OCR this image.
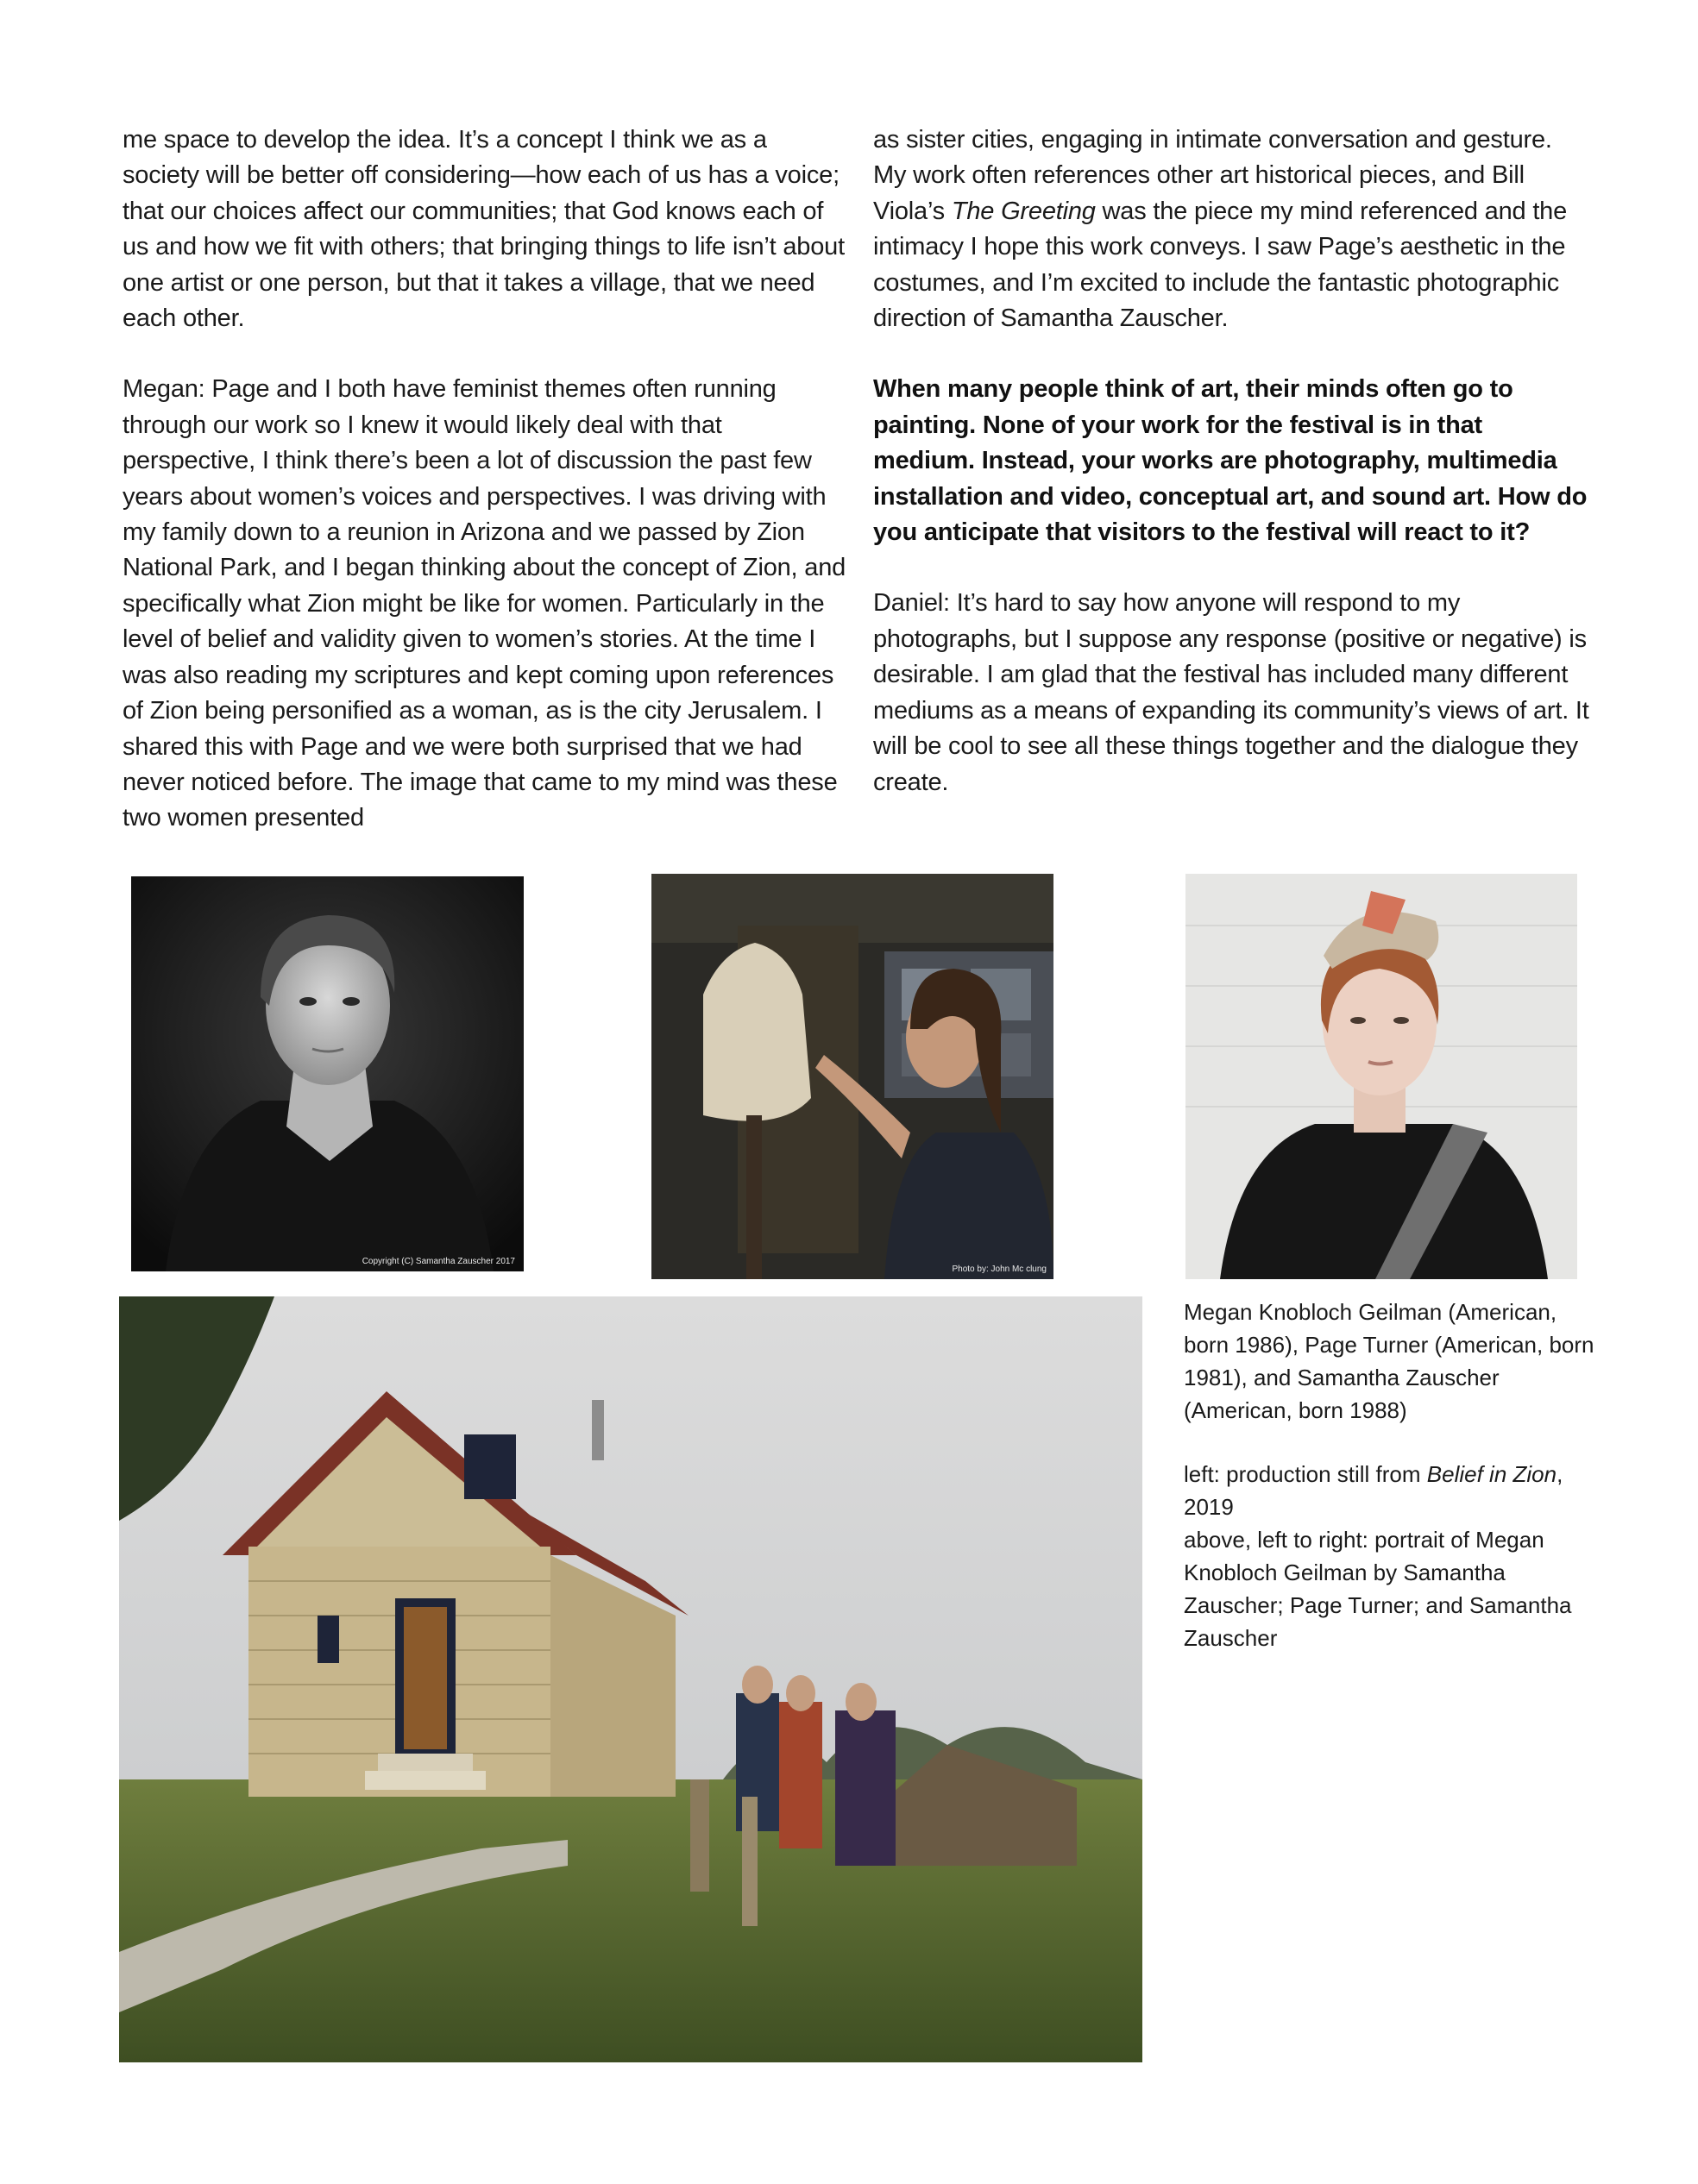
me space to develop the idea. It’s a concept I think we as a society will be better off considering—how each of us has a voice; that our choices affect our communities; that God knows each of us and how we fit with others; that bringing things to life isn’t about one artist or one person, but that it takes a village, that we need each other.

Megan: Page and I both have feminist themes often running through our work so I knew it would likely deal with that perspective, I think there’s been a lot of discussion the past few years about women’s voices and perspectives. I was driving with my family down to a reunion in Arizona and we passed by Zion National Park, and I began thinking about the concept of Zion, and specifically what Zion might be like for women. Particularly in the level of belief and validity given to women’s stories. At the time I was also reading my scriptures and kept coming upon references of Zion being personified as a woman, as is the city Jerusalem. I shared this with Page and we were both surprised that we had never noticed before. The image that came to my mind was these two women presented

as sister cities, engaging in intimate conversation and gesture. My work often references other art historical pieces, and Bill Viola’s The Greeting was the piece my mind referenced and the intimacy I hope this work conveys. I saw Page’s aesthetic in the costumes, and I’m excited to include the fantastic photographic direction of Samantha Zauscher.

When many people think of art, their minds often go to painting. None of your work for the festival is in that medium. Instead, your works are photography, multimedia installation and video, conceptual art, and sound art. How do you anticipate that visitors to the festival will react to it?

Daniel: It’s hard to say how anyone will respond to my photographs, but I suppose any response (positive or negative) is desirable. I am glad that the festival has included many different mediums as a means of expanding its community’s views of art. It will be cool to see all these things together and the dialogue they create.

Copyright (C) Samantha Zauscher 2017
Photo by: John Mc clung

Megan Knobloch Geilman (American, born 1986), Page Turner (American, born 1981), and Samantha Zauscher (American, born 1988)

left: production still from Belief in Zion, 2019
above, left to right: portrait of Megan Knobloch Geilman by Samantha Zauscher; Page Turner; and Samantha Zauscher
